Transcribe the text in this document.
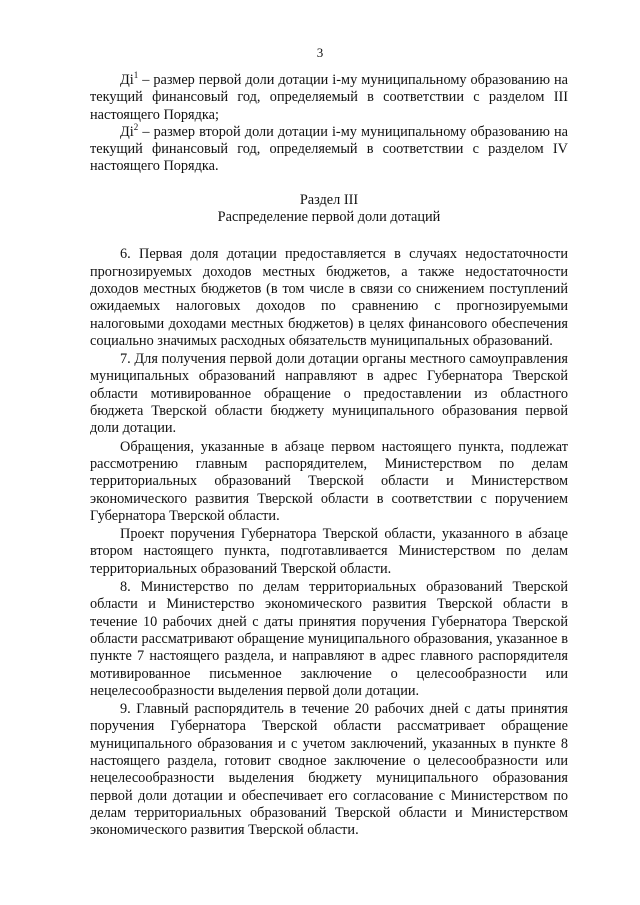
3

$Дi^1$ – размер первой доли дотации i-му муниципальному образованию на текущий финансовый год, определяемый в соответствии с разделом III настоящего Порядка;

$Дi^2$ – размер второй доли дотации i-му муниципальному образованию на текущий финансовый год, определяемый в соответствии с разделом IV настоящего Порядка.

Раздел III

Распределение первой доли дотаций

6. Первая доля дотации предоставляется в случаях недостаточности прогнозируемых доходов местных бюджетов, а также недостаточности доходов местных бюджетов (в том числе в связи со снижением поступлений ожидаемых налоговых доходов по сравнению с прогнозируемыми налоговыми доходами местных бюджетов) в целях финансового обеспечения социально значимых расходных обязательств муниципальных образований.

7. Для получения первой доли дотации органы местного самоуправления муниципальных образований направляют в адрес Губернатора Тверской области мотивированное обращение о предоставлении из областного бюджета Тверской области бюджету муниципального образования первой доли дотации.

Обращения, указанные в абзаце первом настоящего пункта, подлежат рассмотрению главным распорядителем, Министерством по делам территориальных образований Тверской области и Министерством экономического развития Тверской области в соответствии с поручением Губернатора Тверской области.

Проект поручения Губернатора Тверской области, указанного в абзаце втором настоящего пункта, подготавливается Министерством по делам территориальных образований Тверской области.

8. Министерство по делам территориальных образований Тверской области и Министерство экономического развития Тверской области в течение 10 рабочих дней с даты принятия поручения Губернатора Тверской области рассматривают обращение муниципального образования, указанное в пункте 7 настоящего раздела, и направляют в адрес главного распорядителя мотивированное письменное заключение о целесообразности или нецелесообразности выделения первой доли дотации.

9. Главный распорядитель в течение 20 рабочих дней с даты принятия поручения Губернатора Тверской области рассматривает обращение муниципального образования и с учетом заключений, указанных в пункте 8 настоящего раздела, готовит сводное заключение о целесообразности или нецелесообразности выделения бюджету муниципального образования первой доли дотации и обеспечивает его согласование с Министерством по делам территориальных образований Тверской области и Министерством экономического развития Тверской области.
